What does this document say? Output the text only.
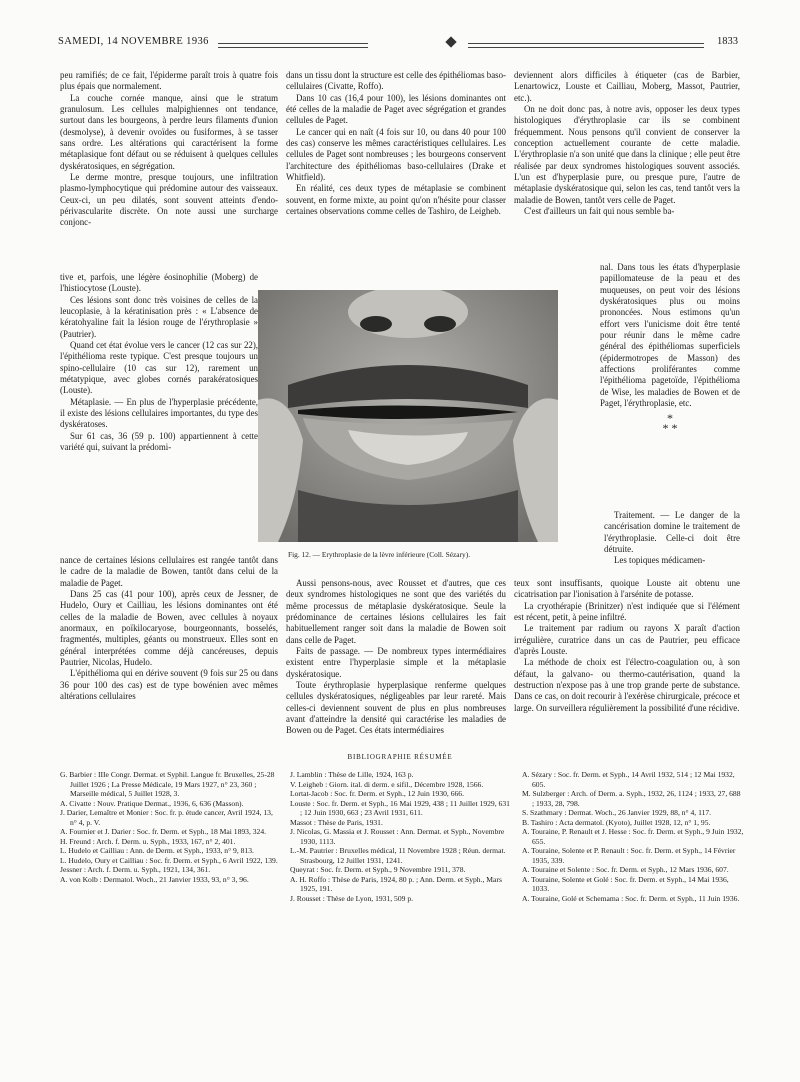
SAMEDI, 14 NOVEMBRE 1936	1833

peu ramifiés; de ce fait, l'épiderme paraît trois à quatre fois plus épais que normalement.

La couche cornée manque, ainsi que le stratum granulosum. Les cellules malpighiennes ont tendance, surtout dans les bourgeons, à perdre leurs filaments d'union (desmolyse), à devenir ovoïdes ou fusiformes, à se tasser sans ordre. Les altérations qui caractérisent la forme métaplasique font défaut ou se réduisent à quelques cellules dyskératosiques, en ségrégation.

Le derme montre, presque toujours, une infiltration plasmo-lymphocytique qui prédomine autour des vaisseaux. Ceux-ci, un peu dilatés, sont souvent atteints d'endo-périvascularite discrète. On note aussi une surcharge conjonc-

tive et, parfois, une légère éosinophilie (Moberg) de l'histiocytose (Louste).

Ces lésions sont donc très voisines de celles de la leucoplasie, à la kératinisation près : « L'absence de kératohyaline fait la lésion rouge de l'érythroplasie » (Pautrier).

Quand cet état évolue vers le cancer (12 cas sur 22), l'épithélioma reste typique. C'est presque toujours un spino-cellulaire (10 cas sur 12), rarement un métatypique, avec globes cornés parakératosiques (Louste).

Métaplasie. — En plus de l'hyperplasie précédente, il existe des lésions cellulaires importantes, du type des dyskératoses.

Sur 61 cas, 36 (59 p. 100) appartiennent à cette variété qui, suivant la prédomi-

nance de certaines lésions cellulaires est rangée tantôt dans le cadre de la maladie de Bowen, tantôt dans celui de la maladie de Paget.

Dans 25 cas (41 pour 100), après ceux de Jessner, de Hudelo, Oury et Cailliau, les lésions dominantes ont été celles de la maladie de Bowen, avec cellules à noyaux anormaux, en poïkilocaryose, bourgeonnants, bosselés, fragmentés, multiples, géants ou monstrueux. Elles sont en général interprétées comme déjà cancéreuses, depuis Pautrier, Nicolas, Hudelo.

L'épithélioma qui en dérive souvent (9 fois sur 25 ou dans 36 pour 100 des cas) est de type bowénien avec mêmes altérations cellulaires

dans un tissu dont la structure est celle des épithéliomas baso-cellulaires (Civatte, Roffo).

Dans 10 cas (16,4 pour 100), les lésions dominantes ont été celles de la maladie de Paget avec ségrégation et grandes cellules de Paget.

Le cancer qui en naît (4 fois sur 10, ou dans 40 pour 100 des cas) conserve les mêmes caractéristiques cellulaires. Les cellules de Paget sont nombreuses ; les bourgeons conservent l'architecture des épithéliomas baso-cellulaires (Drake et Whitfield).

En réalité, ces deux types de métaplasie se combinent souvent, en forme mixte, au point qu'on n'hésite pour classer certaines observations comme celles de Tashiro, de Leigheb.

Fig. 12. — Erythroplasie de la lèvre inférieure (Coll. Sézary).

Aussi pensons-nous, avec Rousset et d'autres, que ces deux syndromes histologiques ne sont que des variétés du même processus de métaplasie dyskératosique. Seule la prédominance de certaines lésions cellulaires les fait habituellement ranger soit dans la maladie de Bowen soit dans celle de Paget.

Faits de passage. — De nombreux types intermédiaires existent entre l'hyperplasie simple et la métaplasie dyskératosique.

Toute érythroplasie hyperplasique renferme quelques cellules dyskératosiques, négligeables par leur rareté. Mais celles-ci deviennent souvent de plus en plus nombreuses avant d'atteindre la densité qui caractérise les maladies de Bowen ou de Paget. Ces états intermédiaires

deviennent alors difficiles à étiqueter (cas de Barbier, Lenartowicz, Louste et Cailliau, Moberg, Massot, Pautrier, etc.).

On ne doit donc pas, à notre avis, opposer les deux types histologiques d'érythroplasie car ils se combinent fréquemment. Nous pensons qu'il convient de conserver la conception actuellement courante de cette maladie. L'érythroplasie n'a son unité que dans la clinique ; elle peut être réalisée par deux syndromes histologiques souvent associés. L'un est d'hyperplasie pure, ou presque pure, l'autre de métaplasie dyskératosique qui, selon les cas, tend tantôt vers la maladie de Bowen, tantôt vers celle de Paget.

C'est d'ailleurs un fait qui nous semble ba-

nal. Dans tous les états d'hyperplasie papillomateuse de la peau et des muqueuses, on peut voir des lésions dyskératosiques plus ou moins prononcées. Nous estimons qu'un effort vers l'unicisme doit être tenté pour réunir dans le même cadre général des épithéliomas superficiels (épidermotropes de Masson) des affections proliférantes comme l'épithélioma pagetoïde, l'épithélioma de Wise, les maladies de Bowen et de Paget, l'érythroplasie, etc.

*
* *

Traitement. — Le danger de la cancérisation domine le traitement de l'érythroplasie. Celle-ci doit être détruite.

Les topiques médicamen-

teux sont insuffisants, quoique Louste ait obtenu une cicatrisation par l'ionisation à l'arsénite de potasse.

La cryothérapie (Brinitzer) n'est indiquée que si l'élément est récent, petit, à peine infiltré.

Le traitement par radium ou rayons X paraît d'action irrégulière, curatrice dans un cas de Pautrier, peu efficace d'après Louste.

La méthode de choix est l'électro-coagulation ou, à son défaut, la galvano- ou thermo-cautérisation, quand la destruction n'expose pas à une trop grande perte de substance. Dans ce cas, on doit recourir à l'exérèse chirurgicale, précoce et large. On surveillera régulièrement la possibilité d'une récidive.

BIBLIOGRAPHIE RÉSUMÉE

G. Barbier : IIIe Congr. Dermat. et Syphil. Langue fr. Bruxelles, 25-28 Juillet 1926 ; La Presse Médicale, 19 Mars 1927, n° 23, 360 ; Marseille médical, 5 Juillet 1928, 3.

A. Civatte : Nouv. Pratique Dermat., 1936, 6, 636 (Masson).

J. Darier, Lemaître et Monier : Soc. fr. p. étude cancer, Avril 1924, 13, n° 4, p. V.

A. Fournier et J. Darier : Soc. fr. Derm. et Syph., 18 Mai 1893, 324.

H. Freund : Arch. f. Derm. u. Syph., 1933, 167, n° 2, 401.

L. Hudelo et Cailliau : Ann. de Derm. et Syph., 1933, n° 9, 813.

L. Hudelo, Oury et Cailliau : Soc. fr. Derm. et Syph., 6 Avril 1922, 139.

Jessner : Arch. f. Derm. u. Syph., 1921, 134, 361.

A. von Kolb : Dermatol. Woch., 21 Janvier 1933, 93, n° 3, 96.

J. Lamblin : Thèse de Lille, 1924, 163 p.

V. Leigheb : Giorn. ital. di derm. e sifil., Décembre 1928, 1566.

Lortat-Jacob : Soc. fr. Derm. et Syph., 12 Juin 1930, 666.

Louste : Soc. fr. Derm. et Syph., 16 Mai 1929, 438 ; 11 Juillet 1929, 631 ; 12 Juin 1930, 663 ; 23 Avril 1931, 611.

Massot : Thèse de Paris, 1931.

J. Nicolas, G. Massia et J. Rousset : Ann. Dermat. et Syph., Novembre 1930, 1113.

L.-M. Pautrier : Bruxelles médical, 11 Novembre 1928 ; Réun. dermat. Strasbourg, 12 Juillet 1931, 1241.

Queyrat : Soc. fr. Derm. et Syph., 9 Novembre 1911, 378.

A. H. Roffo : Thèse de Paris, 1924, 80 p. ; Ann. Derm. et Syph., Mars 1925, 191.

J. Rousset : Thèse de Lyon, 1931, 509 p.

A. Sézary : Soc. fr. Derm. et Syph., 14 Avril 1932, 514 ; 12 Mai 1932, 605.

M. Sulzberger : Arch. of Derm. a. Syph., 1932, 26, 1124 ; 1933, 27, 688 ; 1933, 28, 798.

S. Szathmary : Dermat. Woch., 26 Janvier 1929, 88, n° 4, 117.

B. Tashiro : Acta dermatol. (Kyoto), Juillet 1928, 12, n° 1, 95.

A. Touraine, P. Renault et J. Hesse : Soc. fr. Derm. et Syph., 9 Juin 1932, 655.

A. Touraine, Solente et P. Renault : Soc. fr. Derm. et Syph., 14 Février 1935, 339.

A. Touraine et Solente : Soc. fr. Derm. et Syph., 12 Mars 1936, 607.

A. Touraine, Solente et Golé : Soc. fr. Derm. et Syph., 14 Mai 1936, 1033.

A. Touraine, Golé et Schemama : Soc. fr. Derm. et Syph., 11 Juin 1936.
